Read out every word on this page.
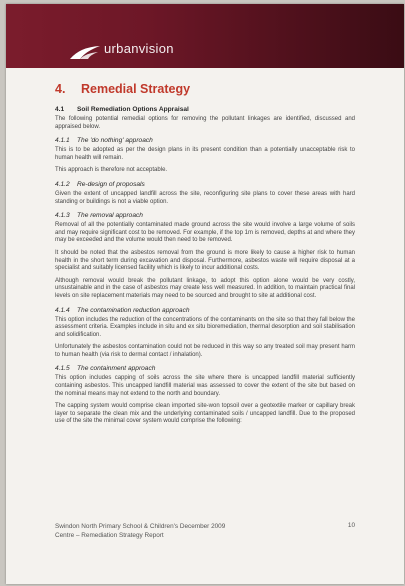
urbanvision
4. Remedial Strategy
4.1 Soil Remediation Options Appraisal
The following potential remedial options for removing the pollutant linkages are identified, discussed and appraised below.
4.1.1 The 'do nothing' approach
This is to be adopted as per the design plans in its present condition than a potentially unacceptable risk to human health will remain.
This approach is therefore not acceptable.
4.1.2 Re-design of proposals
Given the extent of uncapped landfill across the site, reconfiguring site plans to cover these areas with hard standing or buildings is not a viable option.
4.1.3 The removal approach
Removal of all the potentially contaminated made ground across the site would involve a large volume of soils and may require significant cost to be removed. For example, if the top 1m is removed, depths at and where they may be exceeded and the volume would then need to be removed.
It should be noted that the asbestos removal from the ground is more likely to cause a higher risk to human health in the short term during excavation and disposal. Furthermore, asbestos waste will require disposal at a specialist and suitably licensed facility which is likely to incur additional costs.
Although removal would break the pollutant linkage, to adopt this option alone would be very costly, unsustainable and in the case of asbestos may create less well measured. In addition, to maintain practical final levels on site replacement materials may need to be sourced and brought to site at additional cost.
4.1.4 The contamination reduction approach
This option includes the reduction of the concentrations of the contaminants on the site so that they fall below the assessment criteria. Examples include in situ and ex situ bioremediation, thermal desorption and soil stabilisation and solidification.
Unfortunately the asbestos contamination could not be reduced in this way so any treated soil may present harm to human health (via risk to dermal contact / inhalation).
4.1.5 The containment approach
This option includes capping of soils across the site where there is uncapped landfill material sufficiently containing asbestos. This uncapped landfill material was assessed to cover the extent of the site but based on the nominal means may not extend to the north and boundary.
The capping system would comprise clean imported site-won topsoil over a geotextile marker or capillary break layer to separate the clean mix and the underlying contaminated soils / uncapped landfill. Due to the proposed use of the site the minimal cover system would comprise the following:
Swindon North Primary School & Children's December 2009
Centre – Remediation Strategy Report
10
